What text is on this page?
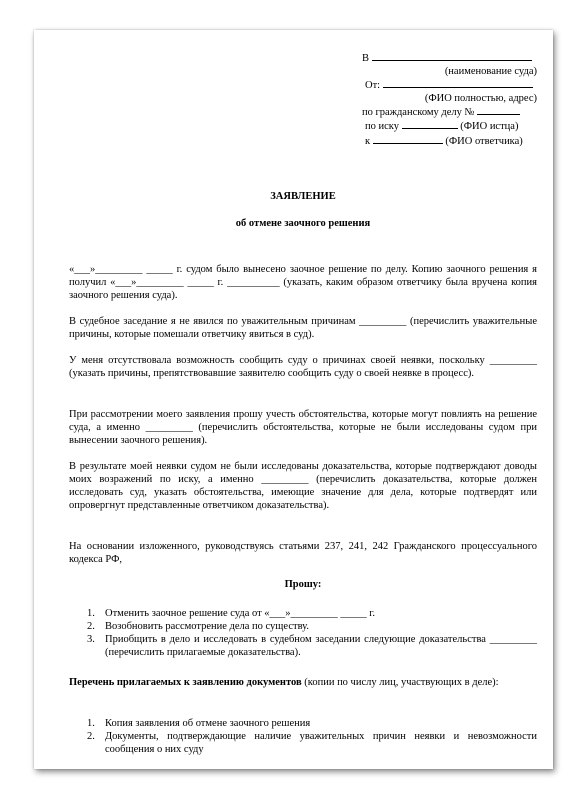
В
(наименование суда)
От:
(ФИО полностью, адрес)
по гражданскому делу №
по иску	(ФИО истца)
к	(ФИО ответчика)
ЗАЯВЛЕНИЕ
об отмене заочного решения
«___»_________ _____ г. судом было вынесено заочное решение по делу. Копию заочного решения я получил «___»_________ _____ г. __________ (указать, каким образом ответчику была вручена копия заочного решения суда).
В судебное заседание я не явился по уважительным причинам _________ (перечислить уважительные причины, которые помешали ответчику явиться в суд).
У меня отсутствовала возможность сообщить суду о причинах своей неявки, поскольку _________ (указать причины, препятствовавшие заявителю сообщить суду о своей неявке в процесс).
При рассмотрении моего заявления прошу учесть обстоятельства, которые могут повлиять на решение суда, а именно _________ (перечислить обстоятельства, которые не были исследованы судом при вынесении заочного решения).
В результате моей неявки судом не были исследованы доказательства, которые подтверждают доводы моих возражений по иску, а именно _________ (перечислить доказательства, которые должен исследовать суд, указать обстоятельства, имеющие значение для дела, которые подтвердят или опровергнут представленные ответчиком доказательства).
На основании изложенного, руководствуясь статьями 237, 241, 242 Гражданского процессуального кодекса РФ,
Прошу:
1. Отменить заочное решение суда от «___»_________ _____ г.
2. Возобновить рассмотрение дела по существу.
3. Приобщить в дело и исследовать в судебном заседании следующие доказательства _________ (перечислить прилагаемые доказательства).
Перечень прилагаемых к заявлению документов (копии по числу лиц, участвующих в деле):
1. Копия заявления об отмене заочного решения
2. Документы, подтверждающие наличие уважительных причин неявки и невозможности сообщения о них суду
